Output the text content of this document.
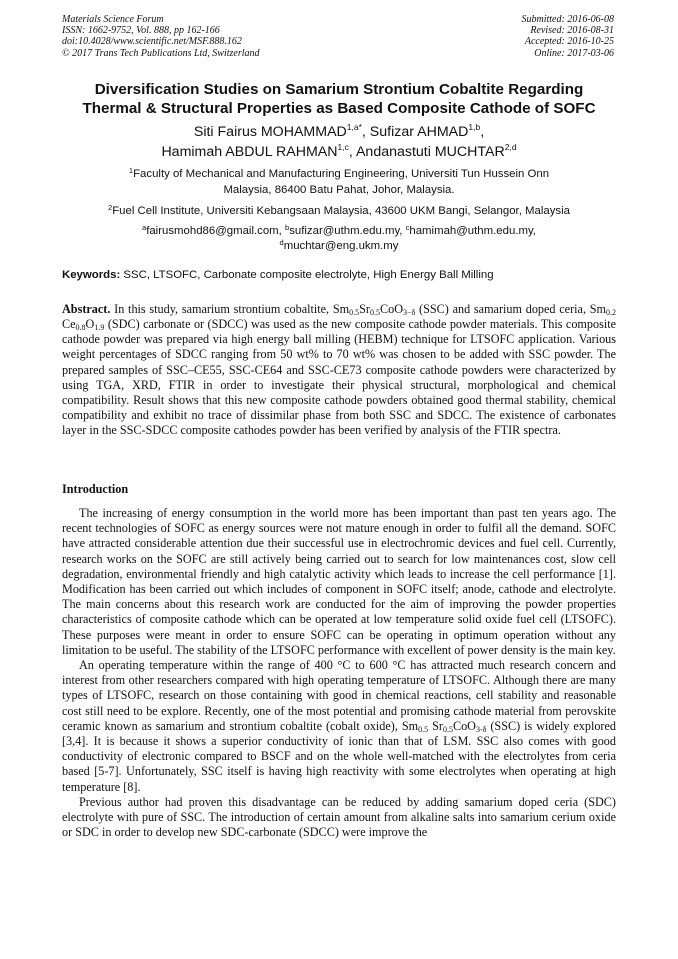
Materials Science Forum
ISSN: 1662-9752, Vol. 888, pp 162-166
doi:10.4028/www.scientific.net/MSF.888.162
© 2017 Trans Tech Publications Ltd, Switzerland
Submitted: 2016-06-08
Revised: 2016-08-31
Accepted: 2016-10-25
Online: 2017-03-06
Diversification Studies on Samarium Strontium Cobaltite Regarding
Thermal & Structural Properties as Based Composite Cathode of SOFC
Siti Fairus $MOHAMMAD^{1,a*}$, Sufizar AHMAD$^{1,b}$,
Hamimah ABDUL RAHMAN$^{1,c}$, Andanastuti MUCHTAR$^{2,d}$
$^1$Faculty of Mechanical and Manufacturing Engineering, Universiti Tun Hussein Onn
Malaysia, 86400 Batu Pahat, Johor, Malaysia.
$^2$Fuel Cell Institute, Universiti Kebangsaan Malaysia, 43600 UKM Bangi, Selangor, Malaysia
$^a$fairusmohd86@gmail.com, $^b$sufizar@uthm.edu.my, $^c$hamimah@uthm.edu.my,
$^d$muchtar@eng.ukm.my
Keywords: SSC, LTSOFC, Carbonate composite electrolyte, High Energy Ball Milling
Abstract. In this study, samarium strontium cobaltite, $Sm_{0.5}Sr_{0.5}CoO_{3-\delta}$ (SSC) and samarium doped ceria, $Sm_{0.2}$ $Ce_{0.8}O_{1.9}$ (SDC) carbonate or (SDCC) was used as the new composite cathode powder materials. This composite cathode powder was prepared via high energy ball milling (HEBM) technique for LTSOFC application. Various weight percentages of SDCC ranging from 50 wt% to 70 wt% was chosen to be added with SSC powder. The prepared samples of SSC–CE55, SSC-CE64 and SSC-CE73 composite cathode powders were characterized by using TGA, XRD, FTIR in order to investigate their physical structural, morphological and chemical compatibility. Result shows that this new composite cathode powders obtained good thermal stability, chemical compatibility and exhibit no trace of dissimilar phase from both SSC and SDCC. The existence of carbonates layer in the SSC-SDCC composite cathodes powder has been verified by analysis of the FTIR spectra.
Introduction

The increasing of energy consumption in the world more has been important than past ten years ago. The recent technologies of SOFC as energy sources were not mature enough in order to fulfil all the demand. SOFC have attracted considerable attention due their successful use in electrochromic devices and fuel cell. Currently, research works on the SOFC are still actively being carried out to search for low maintenances cost, slow cell degradation, environmental friendly and high catalytic activity which leads to increase the cell performance [1]. Modification has been carried out which includes of component in SOFC itself; anode, cathode and electrolyte. The main concerns about this research work are conducted for the aim of improving the powder properties characteristics of composite cathode which can be operated at low temperature solid oxide fuel cell (LTSOFC). These purposes were meant in order to ensure SOFC can be operating in optimum operation without any limitation to be useful. The stability of the LTSOFC performance with excellent of power density is the main key.

An operating temperature within the range of 400 °C to 600 °C has attracted much research concern and interest from other researchers compared with high operating temperature of LTSOFC. Although there are many types of LTSOFC, research on those containing with good in chemical reactions, cell stability and reasonable cost still need to be explore. Recently, one of the most potential and promising cathode material from perovskite ceramic known as samarium and strontium cobaltite (cobalt oxide), $Sm_{0.5}$ $Sr_{0.5}CoO_{3-\delta}$ (SSC) is widely explored [3,4]. It is because it shows a superior conductivity of ionic than that of LSM. SSC also comes with good conductivity of electronic compared to BSCF and on the whole well-matched with the electrolytes from ceria based [5-7]. Unfortunately, SSC itself is having high reactivity with some electrolytes when operating at high temperature [8].

Previous author had proven this disadvantage can be reduced by adding samarium doped ceria (SDC) electrolyte with pure of SSC. The introduction of certain amount from alkaline salts into samarium cerium oxide or SDC in order to develop new SDC-carbonate (SDCC) were improve the
